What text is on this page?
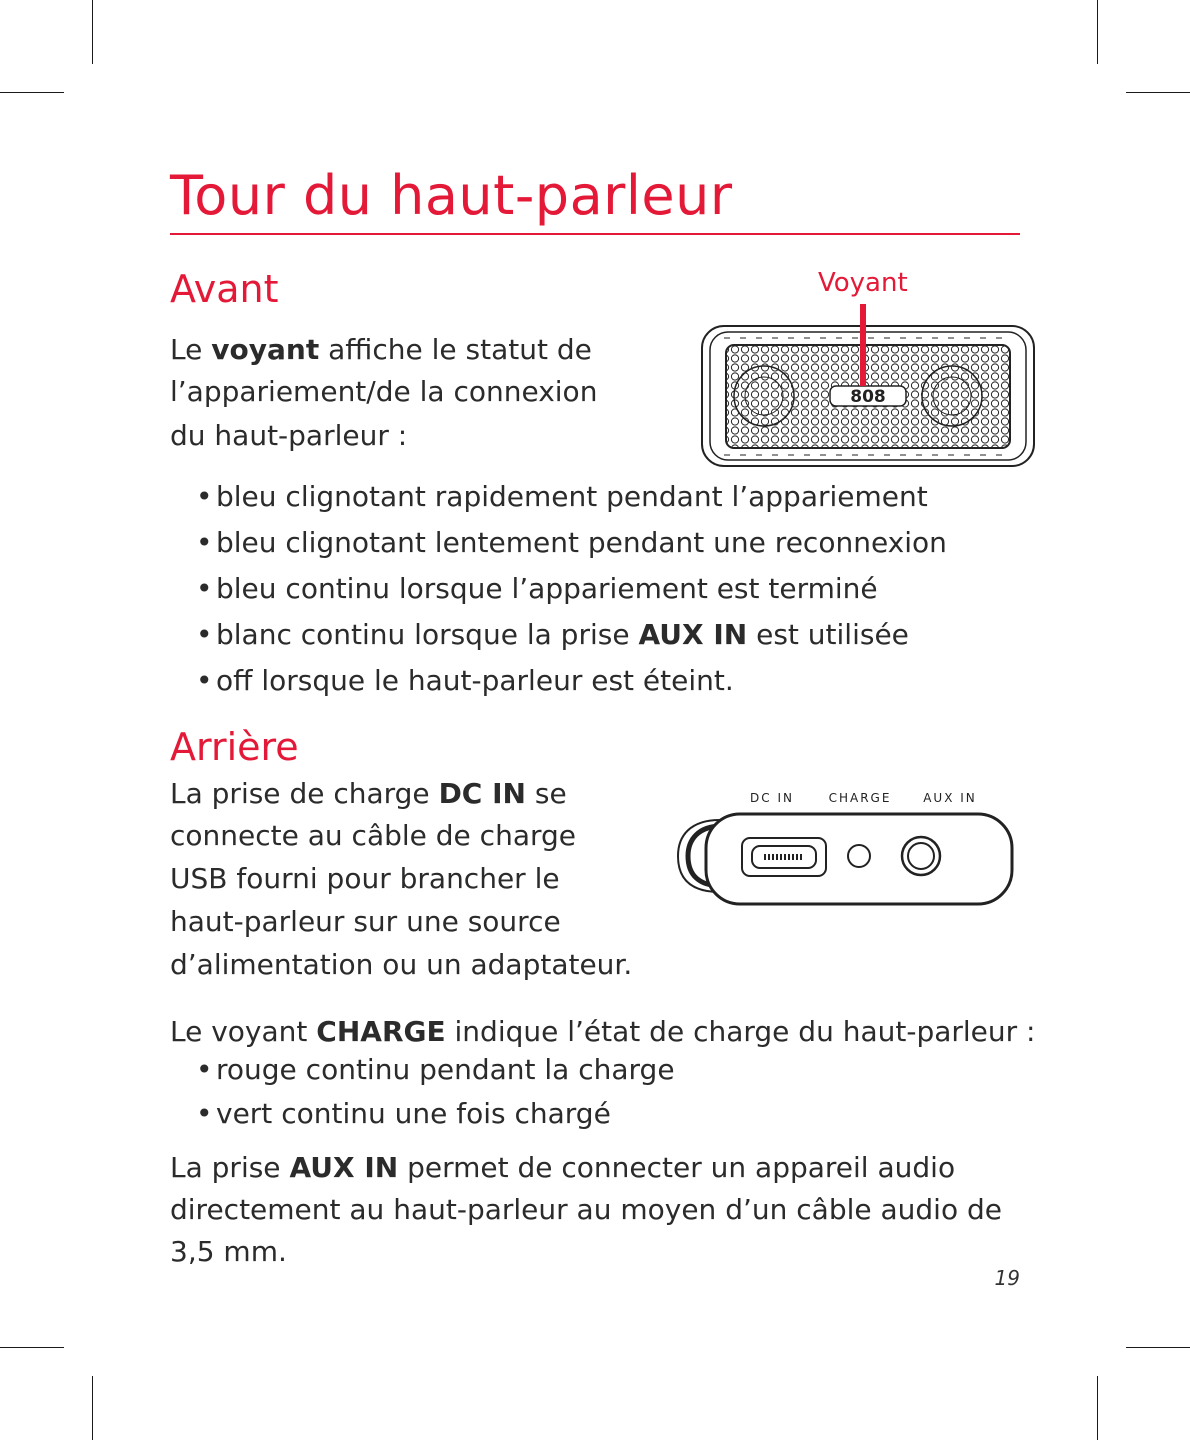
Tour du haut-parleur
Avant

Le voyant affiche le statut de

l’appariement/de la connexion

du haut-parleur :

Voyant
808
• bleu clignotant rapidement pendant l’appariement
• bleu clignotant lentement pendant une reconnexion
• bleu continu lorsque l’appariement est terminé
• blanc continu lorsque la prise AUX IN est utilisée
• off lorsque le haut-parleur est éteint.
Arrière

La prise de charge DC IN se

connecte au câble de charge

USB fourni pour brancher le

haut-parleur sur une source

d’alimentation ou un adaptateur.

DC IN	CHARGE	AUX IN

Le voyant CHARGE indique l’état de charge du haut-parleur :

• rouge continu pendant la charge
• vert continu une fois chargé

La prise AUX IN permet de connecter un appareil audio

directement au haut-parleur au moyen d’un câble audio de

3,5 mm.

19
